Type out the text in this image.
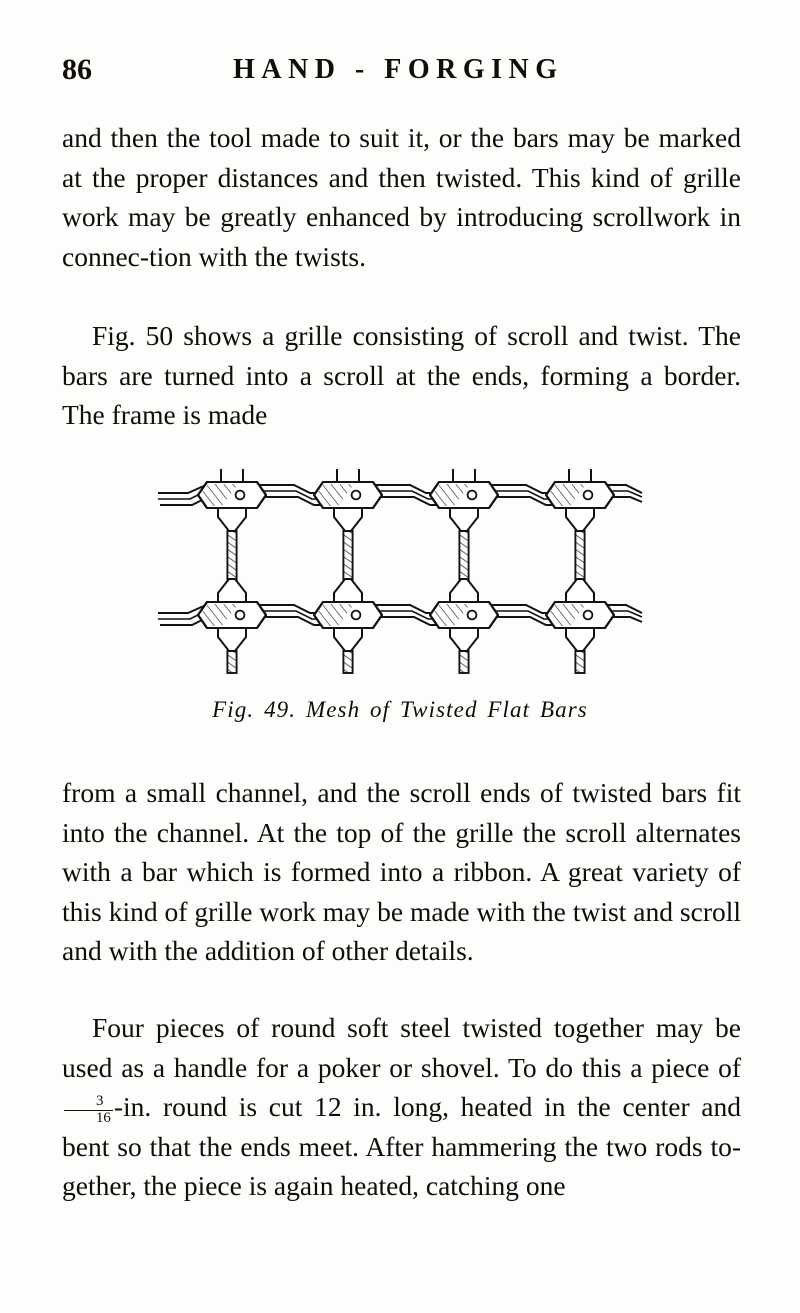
86	HAND - FORGING

and then the tool made to suit it, or the bars may be marked at the proper distances and then twisted. This kind of grille work may be greatly enhanced by introducing scrollwork in connec-tion with the twists.

Fig. 50 shows a grille consisting of scroll and twist. The bars are turned into a scroll at the ends, forming a border. The frame is made

Fig. 49. Mesh of Twisted Flat Bars

from a small channel, and the scroll ends of twisted bars fit into the channel. At the top of the grille the scroll alternates with a bar which is formed into a ribbon. A great variety of this kind of grille work may be made with the twist and scroll and with the addition of other details.

Four pieces of round soft steel twisted together may be used as a handle for a poker or shovel. To do this a piece of
$\frac{3}{16} -in$. round is cut 12 in. long, heated in the center and bent so that the ends meet. After hammering the two rods to-gether, the piece is again heated, catching one
